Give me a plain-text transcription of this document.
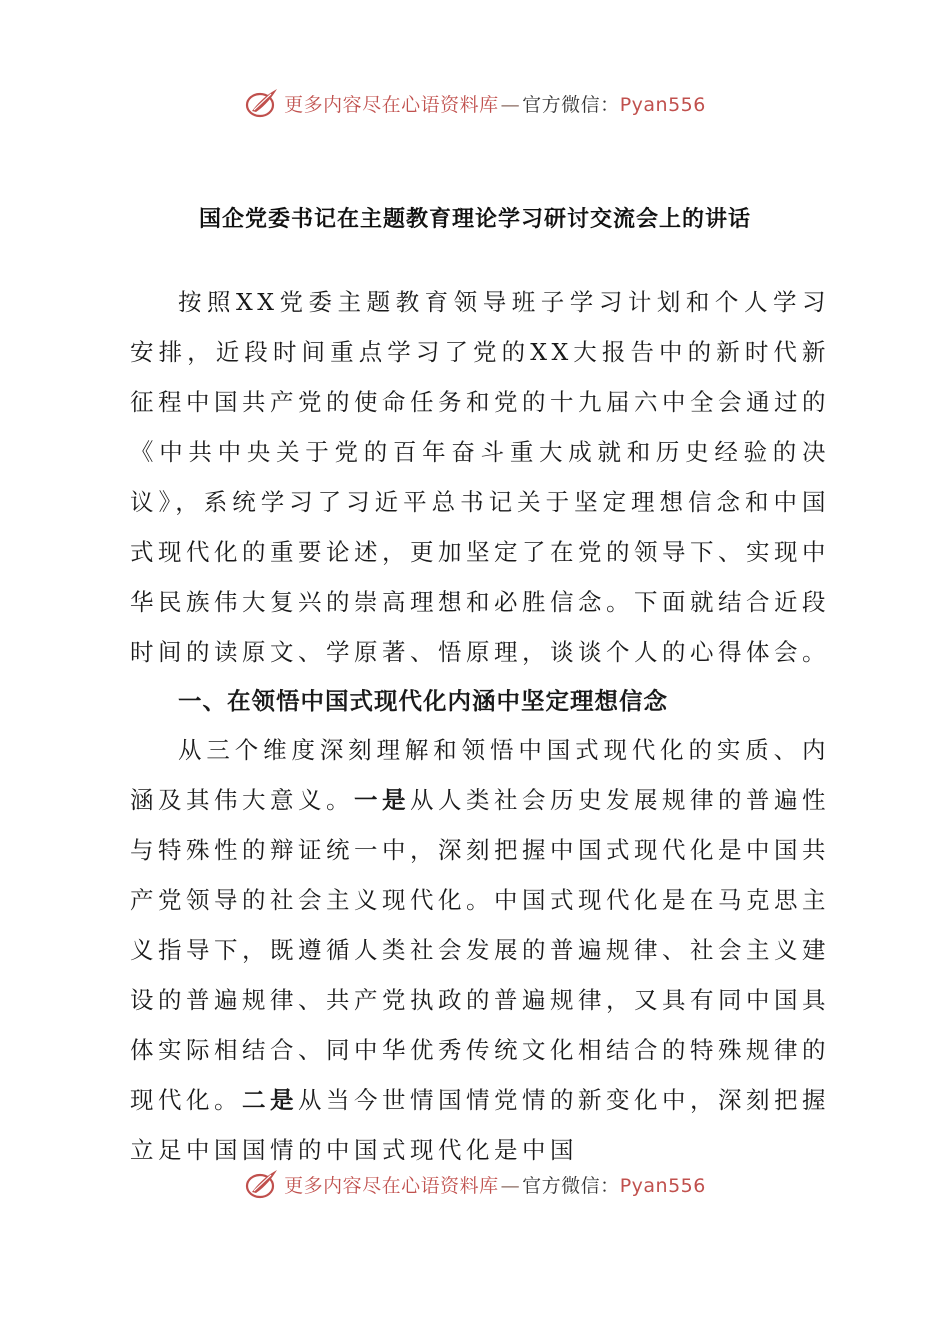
更多内容尽在心语资料库 — 官方微信：Pyan556
国企党委书记在主题教育理论学习研讨交流会上的讲话

按照XX党委主题教育领导班子学习计划和个人学习安排，近段时间重点学习了党的XX大报告中的新时代新征程中国共产党的使命任务和党的十九届六中全会通过的《中共中央关于党的百年奋斗重大成就和历史经验的决议》，系统学习了习近平总书记关于坚定理想信念和中国式现代化的重要论述，更加坚定了在党的领导下、实现中华民族伟大复兴的崇高理想和必胜信念。下面就结合近段时间的读原文、学原著、悟原理，谈谈个人的心得体会。

一、在领悟中国式现代化内涵中坚定理想信念

从三个维度深刻理解和领悟中国式现代化的实质、内涵及其伟大意义。一是从人类社会历史发展规律的普遍性与特殊性的辩证统一中，深刻把握中国式现代化是中国共产党领导的社会主义现代化。中国式现代化是在马克思主义指导下，既遵循人类社会发展的普遍规律、社会主义建设的普遍规律、共产党执政的普遍规律，又具有同中国具体实际相结合、同中华优秀传统文化相结合的特殊规律的现代化。二是从当今世情国情党情的新变化中，深刻把握立足中国国情的中国式现代化是中国

更多内容尽在心语资料库 — 官方微信：Pyan556
